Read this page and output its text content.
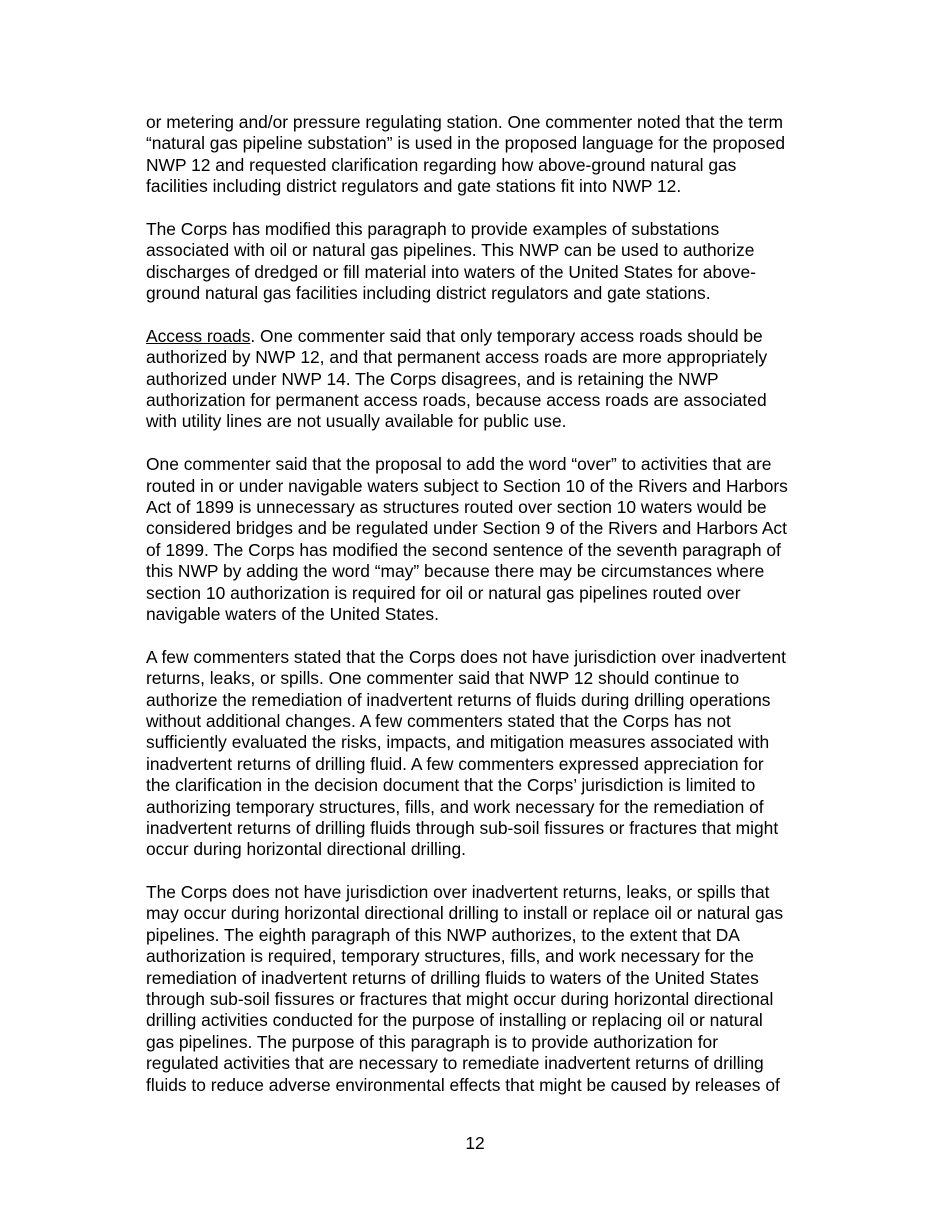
or metering and/or pressure regulating station. One commenter noted that the term
“natural gas pipeline substation” is used in the proposed language for the proposed
NWP 12 and requested clarification regarding how above-ground natural gas
facilities including district regulators and gate stations fit into NWP 12.
The Corps has modified this paragraph to provide examples of substations
associated with oil or natural gas pipelines. This NWP can be used to authorize
discharges of dredged or fill material into waters of the United States for above-
ground natural gas facilities including district regulators and gate stations.
Access roads. One commenter said that only temporary access roads should be
authorized by NWP 12, and that permanent access roads are more appropriately
authorized under NWP 14. The Corps disagrees, and is retaining the NWP
authorization for permanent access roads, because access roads are associated
with utility lines are not usually available for public use.
One commenter said that the proposal to add the word “over” to activities that are
routed in or under navigable waters subject to Section 10 of the Rivers and Harbors
Act of 1899 is unnecessary as structures routed over section 10 waters would be
considered bridges and be regulated under Section 9 of the Rivers and Harbors Act
of 1899. The Corps has modified the second sentence of the seventh paragraph of
this NWP by adding the word “may” because there may be circumstances where
section 10 authorization is required for oil or natural gas pipelines routed over
navigable waters of the United States.
A few commenters stated that the Corps does not have jurisdiction over inadvertent
returns, leaks, or spills. One commenter said that NWP 12 should continue to
authorize the remediation of inadvertent returns of fluids during drilling operations
without additional changes. A few commenters stated that the Corps has not
sufficiently evaluated the risks, impacts, and mitigation measures associated with
inadvertent returns of drilling fluid. A few commenters expressed appreciation for
the clarification in the decision document that the Corps’ jurisdiction is limited to
authorizing temporary structures, fills, and work necessary for the remediation of
inadvertent returns of drilling fluids through sub-soil fissures or fractures that might
occur during horizontal directional drilling.
The Corps does not have jurisdiction over inadvertent returns, leaks, or spills that
may occur during horizontal directional drilling to install or replace oil or natural gas
pipelines. The eighth paragraph of this NWP authorizes, to the extent that DA
authorization is required, temporary structures, fills, and work necessary for the
remediation of inadvertent returns of drilling fluids to waters of the United States
through sub-soil fissures or fractures that might occur during horizontal directional
drilling activities conducted for the purpose of installing or replacing oil or natural
gas pipelines. The purpose of this paragraph is to provide authorization for
regulated activities that are necessary to remediate inadvertent returns of drilling
fluids to reduce adverse environmental effects that might be caused by releases of
12
